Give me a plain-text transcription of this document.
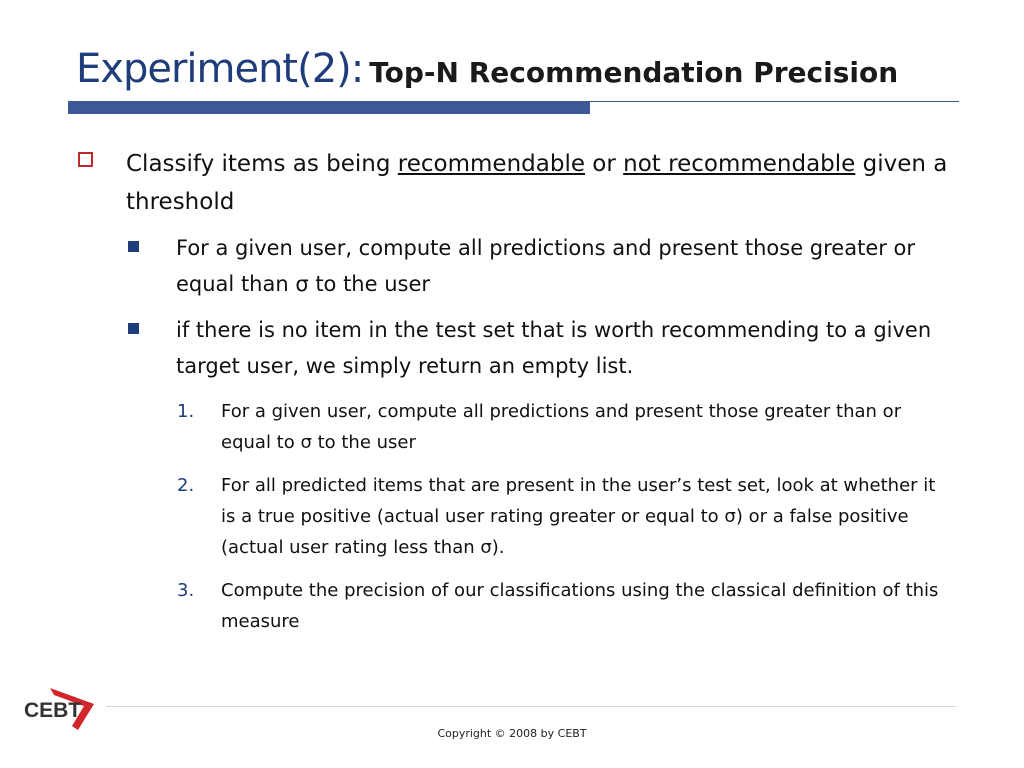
Experiment(2): Top-N Recommendation Precision
Classify items as being recommendable or not recommendable given a threshold
For a given user, compute all predictions and present those greater or equal than σ to the user
if there is no item in the test set that is worth recommending to a given target user, we simply return an empty list.
1. For a given user, compute all predictions and present those greater than or equal to σ to the user
2. For all predicted items that are present in the user’s test set, look at whether it is a true positive (actual user rating greater or equal to σ) or a false positive (actual user rating less than σ).
3. Compute the precision of our classifications using the classical definition of this measure
CEBT
Copyright © 2008 by CEBT
